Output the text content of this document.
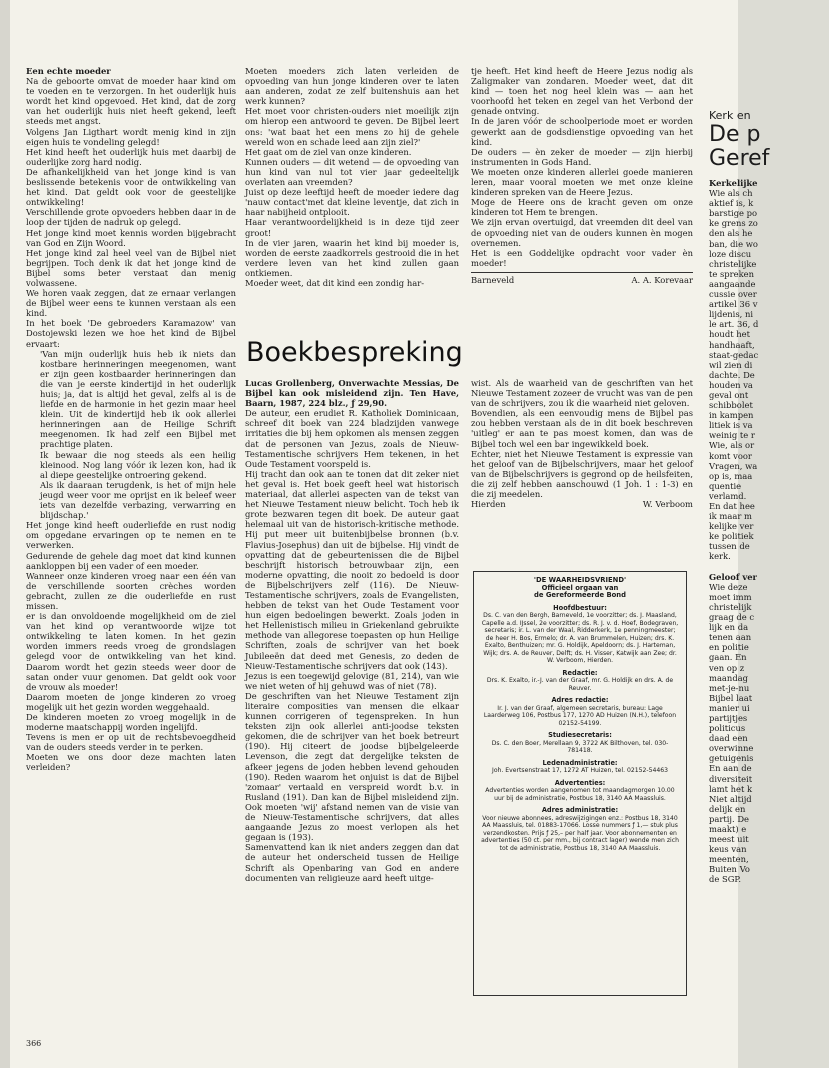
Een echte moeder

Na de geboorte omvat de moeder haar kind om te voeden en te verzorgen. In het ouderlijk huis wordt het kind opgevoed. Het kind, dat de zorg van het ouderlijk huis niet heeft gekend, leeft steeds met angst.

Volgens Jan Ligthart wordt menig kind in zijn eigen huis te vondeling gelegd!

Het kind heeft het ouderlijk huis met daarbij de ouderlijke zorg hard nodig.

De afhankelijkheid van het jonge kind is van beslissende betekenis voor de ontwikkeling van het kind. Dat geldt ook voor de geestelijke ontwikkeling!

Verschillende grote opvoeders hebben daar in de loop der tijden de nadruk op gelegd.

Het jonge kind moet kennis worden bijgebracht van God en Zijn Woord.

Het jonge kind zal heel veel van de Bijbel niet begrijpen. Toch denk ik dat het jonge kind de Bijbel soms beter verstaat dan menig volwassene.

We horen vaak zeggen, dat ze ernaar verlangen de Bijbel weer eens te kunnen verstaan als een kind.

In het boek 'De gebroeders Karamazow' van Dostojewski lezen we hoe het kind de Bijbel ervaart:

'Van mijn ouderlijk huis heb ik niets dan kostbare herinneringen meegenomen, want er zijn geen kostbaarder herinneringen dan die van je eerste kindertijd in het ouderlijk huis; ja, dat is altijd het geval, zelfs al is de liefde en de harmonie in het gezin maar heel klein. Uit de kindertijd heb ik ook allerlei herinneringen aan de Heilige Schrift meegenomen. Ik had zelf een Bijbel met prachtige platen.

Ik bewaar die nog steeds als een heilig kleinood. Nog lang vóór ik lezen kon, had ik al diepe geestelijke ontroering gekend.

Als ik daaraan terugdenk, is het of mijn hele jeugd weer voor me oprijst en ik beleef weer iets van dezelfde verbazing, verwarring en blijdschap.'

Het jonge kind heeft ouderliefde en rust nodig om opgedane ervaringen op te nemen en te verwerken.

Gedurende de gehele dag moet dat kind kunnen aankloppen bij een vader of een moeder.

Wanneer onze kinderen vroeg naar een één van de verschillende soorten crèches worden gebracht, zullen ze die ouderliefde en rust missen.

er is dan onvoldoende mogelijkheid om de ziel van het kind op verantwoorde wijze tot ontwikkeling te laten komen. In het gezin worden immers reeds vroeg de grondslagen gelegd voor de ontwikkeling van het kind. Daarom wordt het gezin steeds weer door de satan onder vuur genomen. Dat geldt ook voor de vrouw als moeder!

Daarom moeten de jonge kinderen zo vroeg mogelijk uit het gezin worden weggehaald.

De kinderen moeten zo vroeg mogelijk in de moderne maatschappij worden ingelijfd.

Tevens is men er op uit de rechtsbevoegdheid van de ouders steeds verder in te perken.

Moeten we ons door deze machten laten verleiden?

Moeten moeders zich laten verleiden de opvoeding van hun jonge kinderen over te laten aan anderen, zodat ze zelf buitenshuis aan het werk kunnen?

Het moet voor christen-ouders niet moeilijk zijn om hierop een antwoord te geven. De Bijbel leert ons: 'wat baat het een mens zo hij de gehele wereld won en schade leed aan zijn ziel?'

Het gaat om de ziel van onze kinderen.

Kunnen ouders — dit wetend — de opvoeding van hun kind van nul tot vier jaar gedeeltelijk overlaten aan vreemden?

Juist op deze leeftijd heeft de moeder iedere dag 'nauw contact'met dat kleine leventje, dat zich in haar nabijheid ontplooit.

Haar verantwoordelijkheid is in deze tijd zeer groot!

In de vier jaren, waarin het kind bij moeder is, worden de eerste zaadkorrels gestrooid die in het verdere leven van het kind zullen gaan ontkiemen.

Moeder weet, dat dit kind een zondig har-

tje heeft. Het kind heeft de Heere Jezus nodig als Zaligmaker van zondaren. Moeder weet, dat dit kind — toen het nog heel klein was — aan het voorhoofd het teken en zegel van het Verbond der genade ontving.

In de jaren vóór de schoolperiode moet er worden gewerkt aan de godsdienstige opvoeding van het kind.

De ouders — èn zeker de moeder — zijn hierbij instrumenten in Gods Hand.

We moeten onze kinderen allerlei goede manieren leren, maar vooral moeten we met onze kleine kinderen spreken van de Heere Jezus.

Moge de Heere ons de kracht geven om onze kinderen tot Hem te brengen.

We zijn ervan overtuigd, dat vreemden dit deel van de opvoeding niet van de ouders kunnen èn mogen overnemen.

Het is een Goddelijke opdracht voor vader èn moeder!

Barneveld	A. A. Korevaar
Boekbespreking

Lucas Grollenberg, Onverwachte Messias, De Bijbel kan ook misleidend zijn. Ten Have, Baarn, 1987, 224 blz., ƒ 29,90.

De auteur, een erudiet R. Katholiek Dominicaan, schreef dit boek van 224 bladzijden vanwege irritaties die bij hem opkomen als mensen zeggen dat de personen van Jezus, zoals de Nieuw-Testamentische schrijvers Hem tekenen, in het Oude Testament voorspeld is.

Hij tracht dan ook aan te tonen dat dit zeker niet het geval is. Het boek geeft heel wat historisch materiaal, dat allerlei aspecten van de tekst van het Nieuwe Testament nieuw belicht. Toch heb ik grote bezwaren tegen dit boek. De auteur gaat helemaal uit van de historisch-kritische methode. Hij put meer uit buitenbijbelse bronnen (b.v. Flavius-Josephus) dan uit de bijbelse. Hij vindt de opvatting dat de gebeurtenissen die de Bijbel beschrijft historisch betrouwbaar zijn, een moderne opvatting, die nooit zo bedoeld is door de Bijbelschrijvers zelf (116). De Nieuw-Testamentische schrijvers, zoals de Evangelisten, hebben de tekst van het Oude Testament voor hun eigen bedoelingen bewerkt. Zoals joden in het Hellenistisch milieu in Griekenland gebruikte methode van allegorese toepasten op hun Heilige Schriften, zoals de schrijver van het boek Jubileeën dat deed met Genesis, zo deden de Nieuw-Testamentische schrijvers dat ook (143).

Jezus is een toegewijd gelovige (81, 214), van wie we niet weten of hij gehuwd was of niet (78).

De geschriften van het Nieuwe Testament zijn literaire composities van mensen die elkaar kunnen corrigeren of tegenspreken. In hun teksten zijn ook allerlei anti-joodse teksten gekomen, die de schrijver van het boek betreurt (190). Hij citeert de joodse bijbelgeleerde Levenson, die zegt dat dergelijke teksten de afkeer jegens de joden hebben levend gehouden (190). Reden waarom het onjuist is dat de Bijbel 'zomaar' vertaald en verspreid wordt b.v. in Rusland (191). Dan kan de Bijbel misleidend zijn. Ook moeten 'wij' afstand nemen van de visie van de Nieuw-Testamentische schrijvers, dat alles aangaande Jezus zo moest verlopen als het gegaan is (193).

Samenvattend kan ik niet anders zeggen dan dat de auteur het onderscheid tussen de Heilige Schrift als Openbaring van God en andere documenten van religieuze aard heeft uitge-

wist. Als de waarheid van de geschriften van het Nieuwe Testament zozeer de vrucht was van de pen van de schrijvers, zou ik die waarheid niet geloven.

Bovendien, als een eenvoudig mens de Bijbel pas zou hebben verstaan als de in dit boek beschreven 'uitleg' er aan te pas moest komen, dan was de Bijbel toch wel een bar ingewikkeld boek.

Echter, niet het Nieuwe Testament is expressie van het geloof van de Bijbelschrijvers, maar het geloof van de Bijbelschrijvers is gegrond op de heilsfeiten, die zij zelf hebben aanschouwd (1 Joh. 1 : 1-3) en die zij meedelen.

Hierden	W. Verboom
'DE WAARHEIDSVRIEND'
Officieel orgaan van
de Gereformeerde Bond
Hoofdbestuur:

Ds. C. van den Bergh, Barneveld, 1e voorzitter; ds. J. Maasland, Capelle a.d. IJssel, 2e voorzitter; ds. R. J. v. d. Hoef, Bodegraven, secretaris; ir. L. van der Waal, Ridderkerk, 1e penningmeester; de heer H. Bos, Ermelo; dr. A. van Brummelen, Huizen; drs. K. Exalto, Benthuizen; mr. G. Holdijk, Apeldoorn; ds. J. Harteman, Wijk; drs. A. de Reuver, Delft; ds. H. Visser, Katwijk aan Zee; dr. W. Verboom, Hierden.

Redactie:

Drs. K. Exalto, ir.-J. van der Graaf, mr. G. Holdijk en drs. A. de Reuver.

Adres redactie:

Ir. J. van der Graaf, algemeen secretaris, bureau: Lage Laarderweg 106, Postbus 177, 1270 AD Huizen (N.H.), telefoon 02152-54199.

Studiesecretaris:

Ds. C. den Boer, Merellaan 9, 3722 AK Bilthoven, tel. 030-781418.

Ledenadministratie:

Joh. Evertsenstraat 17, 1272 AT Huizen, tel. 02152-54463

Advertenties:

Advertenties worden aangenomen tot maandagmorgen 10.00 uur bij de administratie, Postbus 18, 3140 AA Maassluis.

Adres administratie:

Voor nieuwe abonnees, adreswijzigingen enz.: Postbus 18, 3140 AA Maassluis, tel. 01883-17066. Losse nummers ƒ 1,— stuk plus verzendkosten. Prijs ƒ 25,– per half jaar. Voor abonnementen en advertenties (50 ct. per mm., bij contract lager) wende men zich tot de administratie, Postbus 18, 3140 AA Maassluis.

366
Kerk en
De p
Geref

Kerkelijke

Wie als ch

aktief is, k

barstige po

ke grens zo

den als he

ban, die wo

loze discu

christelijke

te spreken

aangaande

cussie over

artikel 36 v

lijdenis, ni

le art. 36, d

houdt het

handhaaft,

staat-gedac

wil zien di

dachte. De

houden va

geval ont

schibbolet

in kampen

litiek is va

weinig te r

Wie, als or

komt voor

Vragen, wa

op is, maa

quentie

verlamd.

En dat hee

ik maar m

kelijke ver

ke politiek

tussen de

kerk.

Geloof ver

Wie deze

moet imm

christelijk

graag de c

lijk en da

tenen aan

en politie

gaan. En

ven op z

maandag

met-je-nu

Bijbel laat

manier ui

partijtjes

politicus

daad een

overwinne

getuigenis

En aan de

diversiteit

lamt het k

Niet altijd

delijk en

partij. De

maakt) e

meest uit

keus van

meenten,

Buiten Vo

de SGP.
